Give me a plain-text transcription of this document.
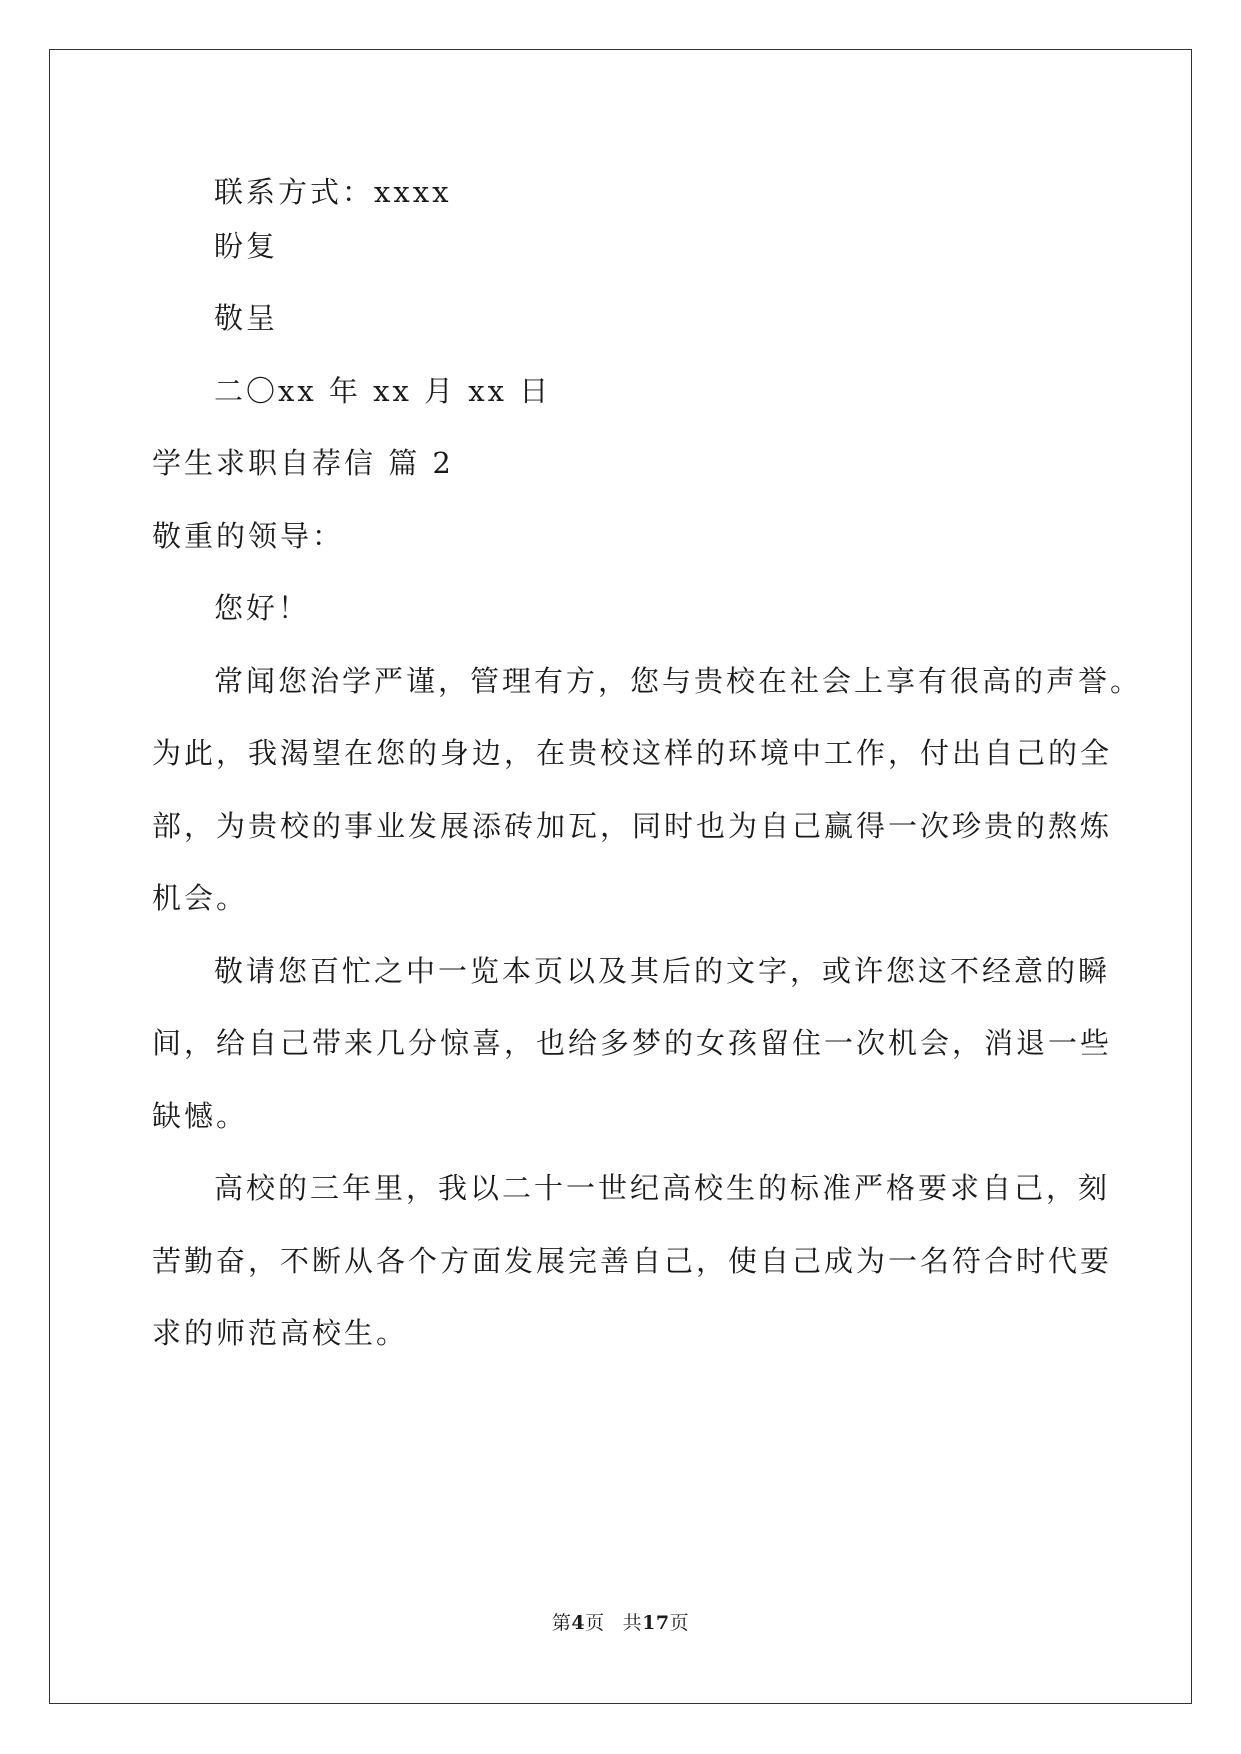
联系方式：xxxx
盼复
敬呈
二〇xx 年 xx 月 xx 日
学生求职自荐信 篇 2
敬重的领导：
您好！
常闻您治学严谨，管理有方，您与贵校在社会上享有很高的声誉。
为此，我渴望在您的身边，在贵校这样的环境中工作，付出自己的全
部，为贵校的事业发展添砖加瓦，同时也为自己赢得一次珍贵的熬炼
机会。
敬请您百忙之中一览本页以及其后的文字，或许您这不经意的瞬
间，给自己带来几分惊喜，也给多梦的女孩留住一次机会，消退一些
缺憾。
高校的三年里，我以二十一世纪高校生的标准严格要求自己，刻
苦勤奋，不断从各个方面发展完善自己，使自己成为一名符合时代要
求的师范高校生。
第4页 共17页
